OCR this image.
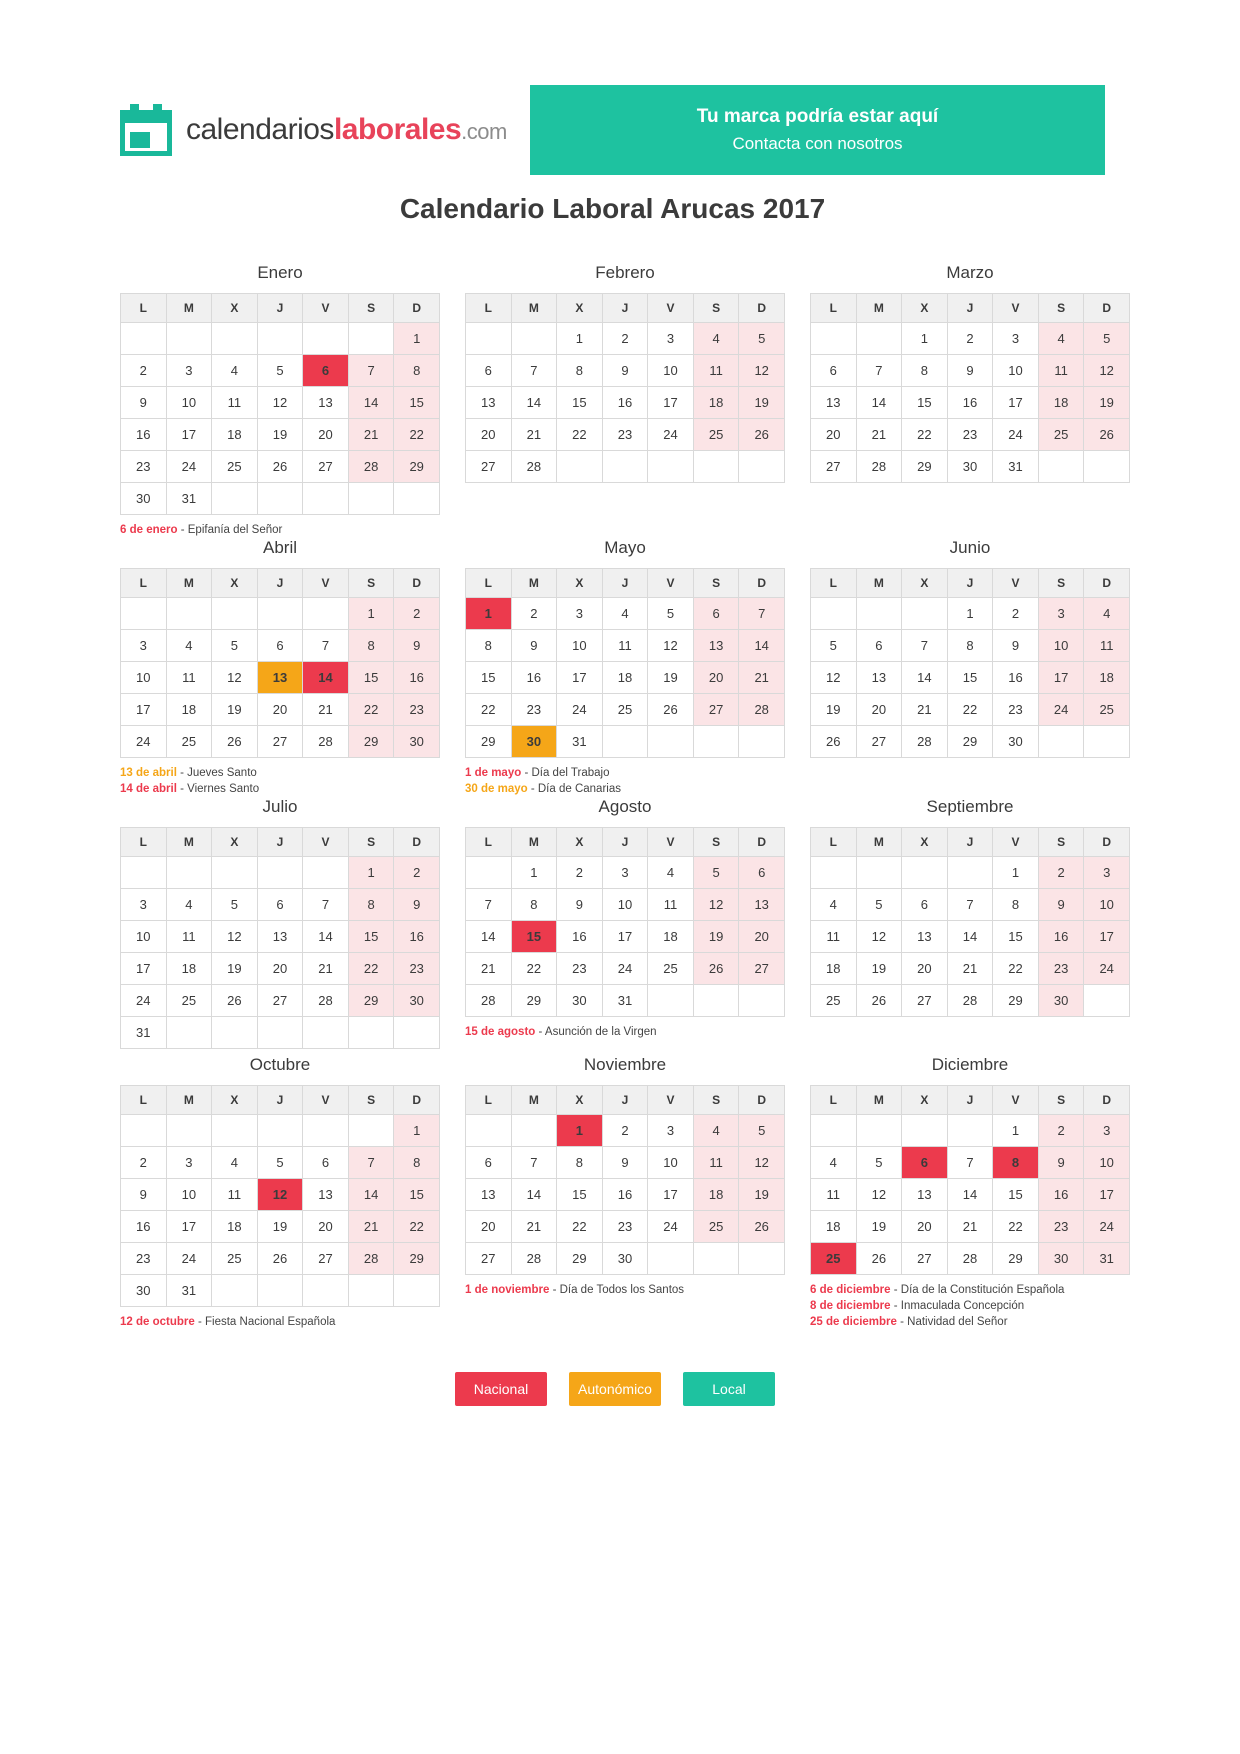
calendarioslaborales.com
Tu marca podría estar aquí
Contacta con nosotros
Calendario Laboral Arucas 2017
Enero
L	M	X	J	V	S	D
						1
2	3	4	5	6	7	8
9	10	11	12	13	14	15
16	17	18	19	20	21	22
23	24	25	26	27	28	29
30	31					
6 de enero - Epifanía del Señor
Febrero
L	M	X	J	V	S	D
		1	2	3	4	5
6	7	8	9	10	11	12
13	14	15	16	17	18	19
20	21	22	23	24	25	26
27	28					
Marzo
L	M	X	J	V	S	D
		1	2	3	4	5
6	7	8	9	10	11	12
13	14	15	16	17	18	19
20	21	22	23	24	25	26
27	28	29	30	31		
Abril
L	M	X	J	V	S	D
					1	2
3	4	5	6	7	8	9
10	11	12	13	14	15	16
17	18	19	20	21	22	23
24	25	26	27	28	29	30
13 de abril - Jueves Santo
14 de abril - Viernes Santo
Mayo
L	M	X	J	V	S	D
1	2	3	4	5	6	7
8	9	10	11	12	13	14
15	16	17	18	19	20	21
22	23	24	25	26	27	28
29	30	31				
1 de mayo - Día del Trabajo
30 de mayo - Día de Canarias
Junio
L	M	X	J	V	S	D
			1	2	3	4
5	6	7	8	9	10	11
12	13	14	15	16	17	18
19	20	21	22	23	24	25
26	27	28	29	30		
Julio
L	M	X	J	V	S	D
					1	2
3	4	5	6	7	8	9
10	11	12	13	14	15	16
17	18	19	20	21	22	23
24	25	26	27	28	29	30
31						
Agosto
L	M	X	J	V	S	D
	1	2	3	4	5	6
7	8	9	10	11	12	13
14	15	16	17	18	19	20
21	22	23	24	25	26	27
28	29	30	31			
15 de agosto - Asunción de la Virgen
Septiembre
L	M	X	J	V	S	D
				1	2	3
4	5	6	7	8	9	10
11	12	13	14	15	16	17
18	19	20	21	22	23	24
25	26	27	28	29	30	
Octubre
L	M	X	J	V	S	D
						1
2	3	4	5	6	7	8
9	10	11	12	13	14	15
16	17	18	19	20	21	22
23	24	25	26	27	28	29
30	31					
12 de octubre - Fiesta Nacional Española
Noviembre
L	M	X	J	V	S	D
		1	2	3	4	5
6	7	8	9	10	11	12
13	14	15	16	17	18	19
20	21	22	23	24	25	26
27	28	29	30			
1 de noviembre - Día de Todos los Santos
Diciembre
L	M	X	J	V	S	D
				1	2	3
4	5	6	7	8	9	10
11	12	13	14	15	16	17
18	19	20	21	22	23	24
25	26	27	28	29	30	31
6 de diciembre - Día de la Constitución Española
8 de diciembre - Inmaculada Concepción
25 de diciembre - Natividad del Señor
Nacional	Autonómico	Local
